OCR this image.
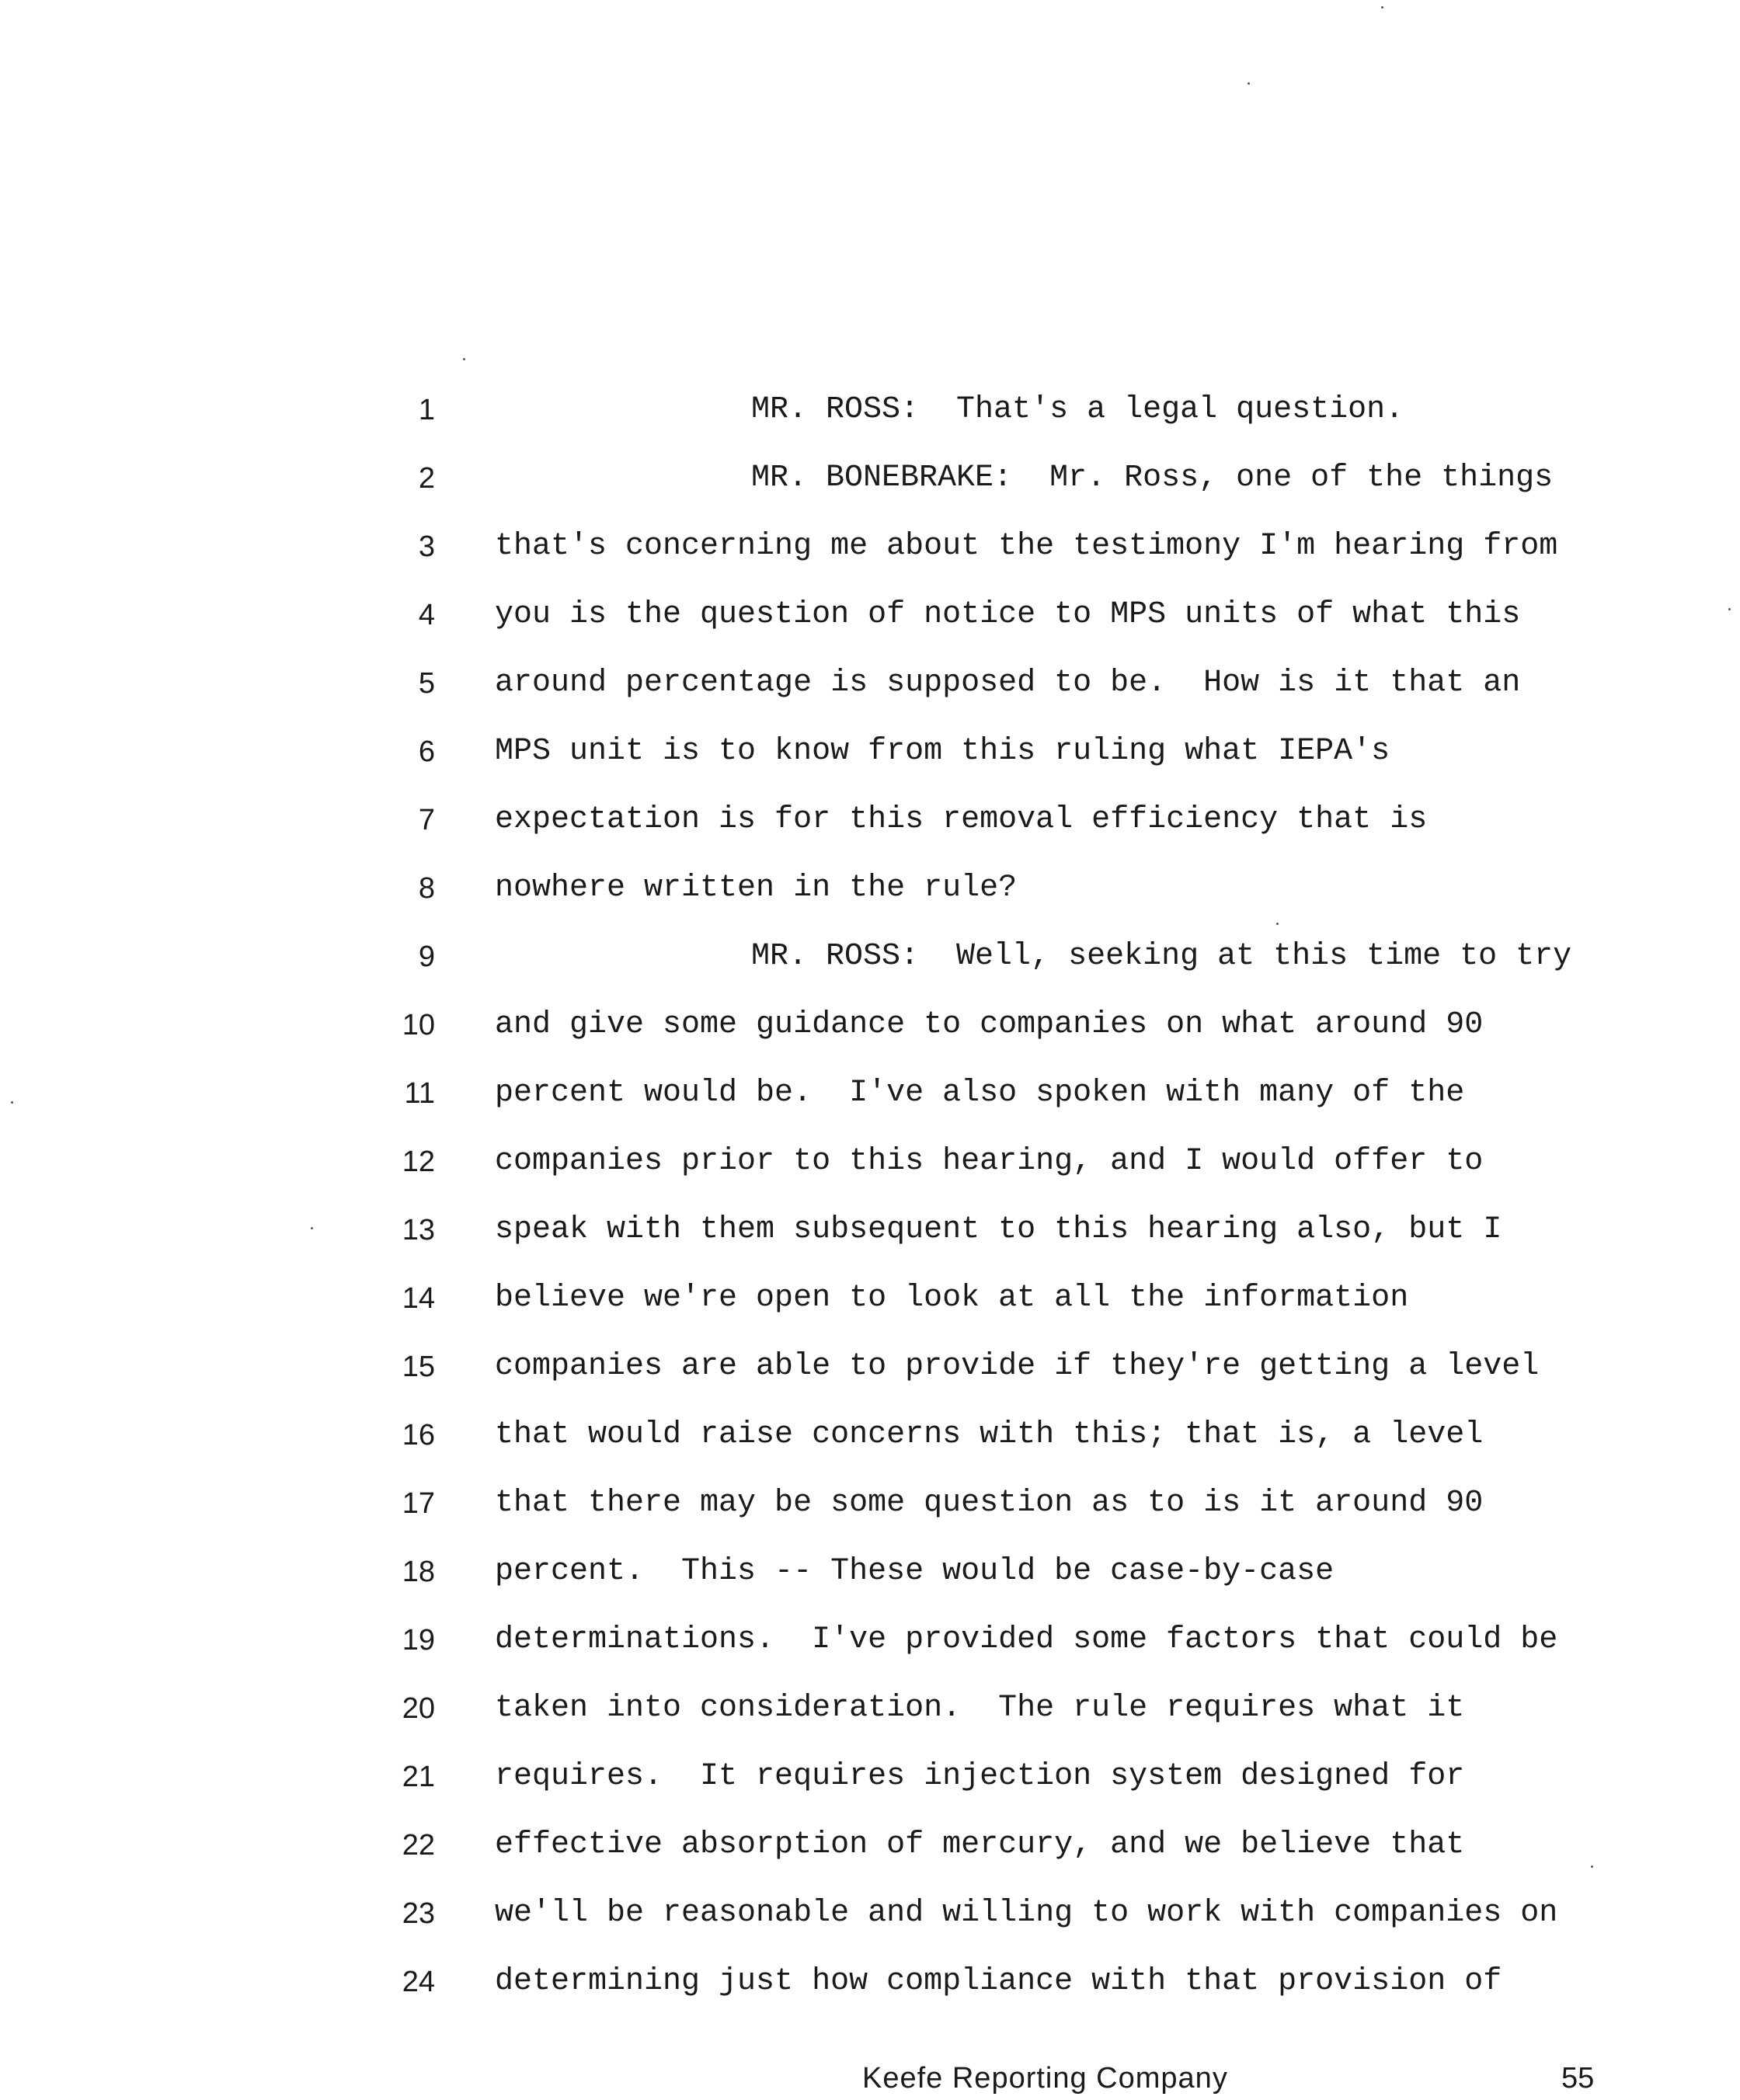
1	MR. ROSS:  That's a legal question.
2	MR. BONEBRAKE:  Mr. Ross, one of the things
3 that's concerning me about the testimony I'm hearing from
4 you is the question of notice to MPS units of what this
5 around percentage is supposed to be.  How is it that an
6 MPS unit is to know from this ruling what IEPA's
7 expectation is for this removal efficiency that is
8 nowhere written in the rule?
9	MR. ROSS:  Well, seeking at this time to try
10 and give some guidance to companies on what around 90
11 percent would be.  I've also spoken with many of the
12 companies prior to this hearing, and I would offer to
13 speak with them subsequent to this hearing also, but I
14 believe we're open to look at all the information
15 companies are able to provide if they're getting a level
16 that would raise concerns with this; that is, a level
17 that there may be some question as to is it around 90
18 percent.  This -- These would be case-by-case
19 determinations.  I've provided some factors that could be
20 taken into consideration.  The rule requires what it
21 requires.  It requires injection system designed for
22 effective absorption of mercury, and we believe that
23 we'll be reasonable and willing to work with companies on
24 determining just how compliance with that provision of
Keefe Reporting Company	55
